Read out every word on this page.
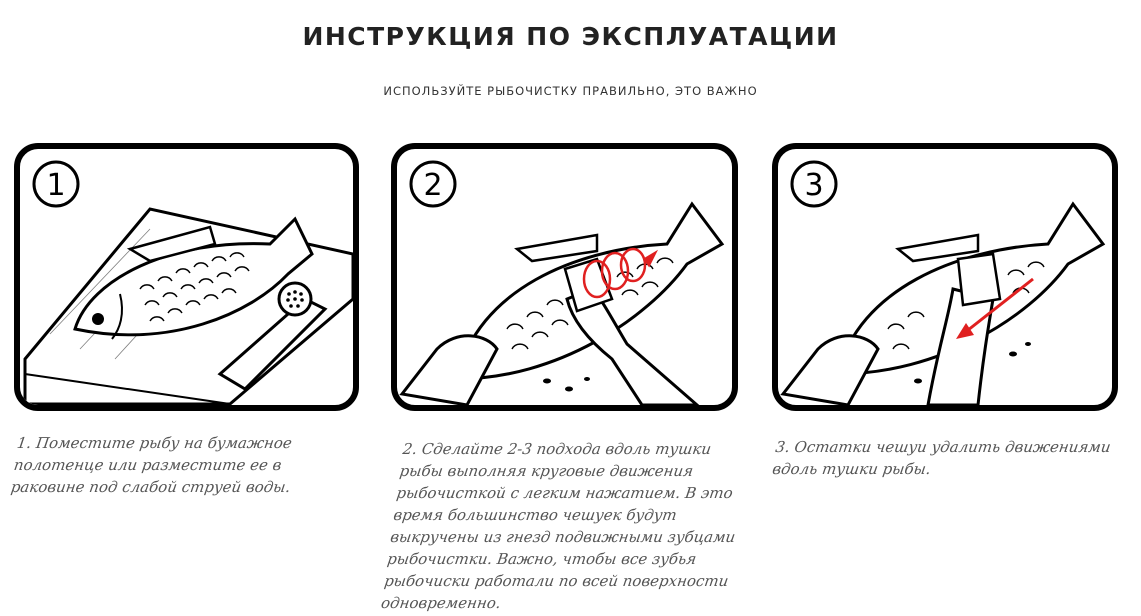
ИНСТРУКЦИЯ ПО ЭКСПЛУАТАЦИИ
ИСПОЛЬЗУЙТЕ РЫБОЧИСТКУ ПРАВИЛЬНО, ЭТО ВАЖНО
1	2	3
1. Поместите рыбу на бумажное полотенце или разместите ее в раковине под слабой струей воды.
2. Сделайте 2-3 подхода вдоль тушки рыбы выполняя круговые движения рыбочисткой с легким нажатием. В это время большинство чешуек будут выкручены из гнезд подвижными зубцами рыбочистки. Важно, чтобы все зубья рыбочиски работали по всей поверхности одновременно.
3. Остатки чешуи удалить движениями вдоль тушки рыбы.
